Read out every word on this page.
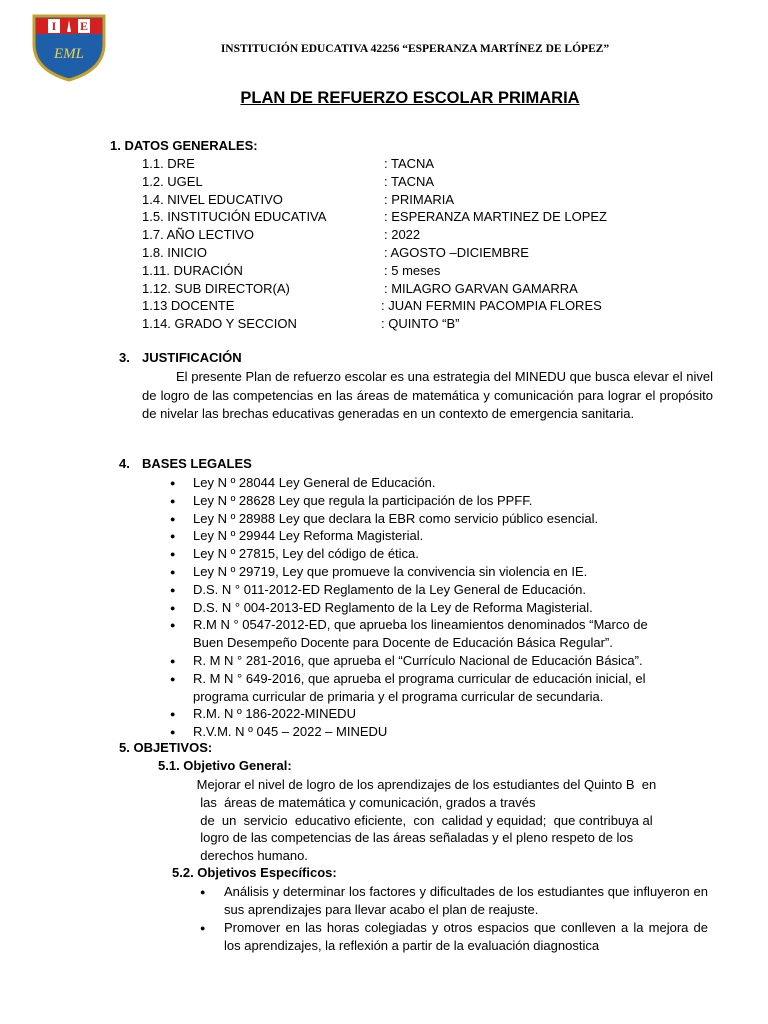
I E
EML	INSTITUCIÓN EDUCATIVA 42256 “ESPERANZA MARTÍNEZ DE LÓPEZ”
PLAN DE REFUERZO ESCOLAR PRIMARIA
1. DATOS GENERALES:
1.1. DRE	: TACNA
1.2. UGEL	: TACNA
1.4. NIVEL EDUCATIVO	: PRIMARIA
1.5. INSTITUCIÓN EDUCATIVA	: ESPERANZA MARTINEZ DE LOPEZ
1.7. AÑO LECTIVO	: 2022
1.8. INICIO	: AGOSTO –DICIEMBRE
1.11. DURACIÓN	: 5 meses
1.12. SUB DIRECTOR(A)	: MILAGRO GARVAN GAMARRA
1.13 DOCENTE	: JUAN FERMIN PACOMPIA FLORES
1.14. GRADO Y SECCION	: QUINTO “B”
3. JUSTIFICACIÓN

El presente Plan de refuerzo escolar es una estrategia del MINEDU que busca elevar el nivel de logro de las competencias en las áreas de matemática y comunicación para lograr el propósito de nivelar las brechas educativas generadas en un contexto de emergencia sanitaria.

4. BASES LEGALES
● Ley N º 28044 Ley General de Educación.
● Ley N º 28628 Ley que regula la participación de los PPFF.
● Ley N º 28988 Ley que declara la EBR como servicio público esencial.
● Ley N º 29944 Ley Reforma Magisterial.
● Ley N º 27815, Ley del código de ética.
● Ley N º 29719, Ley que promueve la convivencia sin violencia en IE.
● D.S. N ° 011-2012-ED Reglamento de la Ley General de Educación.
● D.S. N ° 004-2013-ED Reglamento de la Ley de Reforma Magisterial.
● R.M N ° 0547-2012-ED, que aprueba los lineamientos denominados “Marco de
Buen Desempeño Docente para Docente de Educación Básica Regular”.
● R. M N ° 281-2016, que aprueba el “Currículo Nacional de Educación Básica”.
● R. M N ° 649-2016, que aprueba el programa curricular de educación inicial, el
programa curricular de primaria y el programa curricular de secundaria.
● R.M. N º 186-2022-MINEDU
● R.V.M. N º 045 – 2022 – MINEDU
5. OBJETIVOS:
5.1. Objetivo General:
Mejorar el nivel de logro de los aprendizajes de los estudiantes del Quinto B  en
las  áreas de matemática y comunicación, grados a través
de  un  servicio  educativo eficiente,  con  calidad y equidad;  que contribuya al
logro de las competencias de las áreas señaladas y el pleno respeto de los
derechos humano.
5.2. Objetivos Específicos:
● Análisis y determinar los factores y dificultades de los estudiantes que influyeron en sus aprendizajes para llevar acabo el plan de reajuste.
● Promover en las horas colegiadas y otros espacios que conlleven a la mejora de los aprendizajes, la reflexión a partir de la evaluación diagnostica
